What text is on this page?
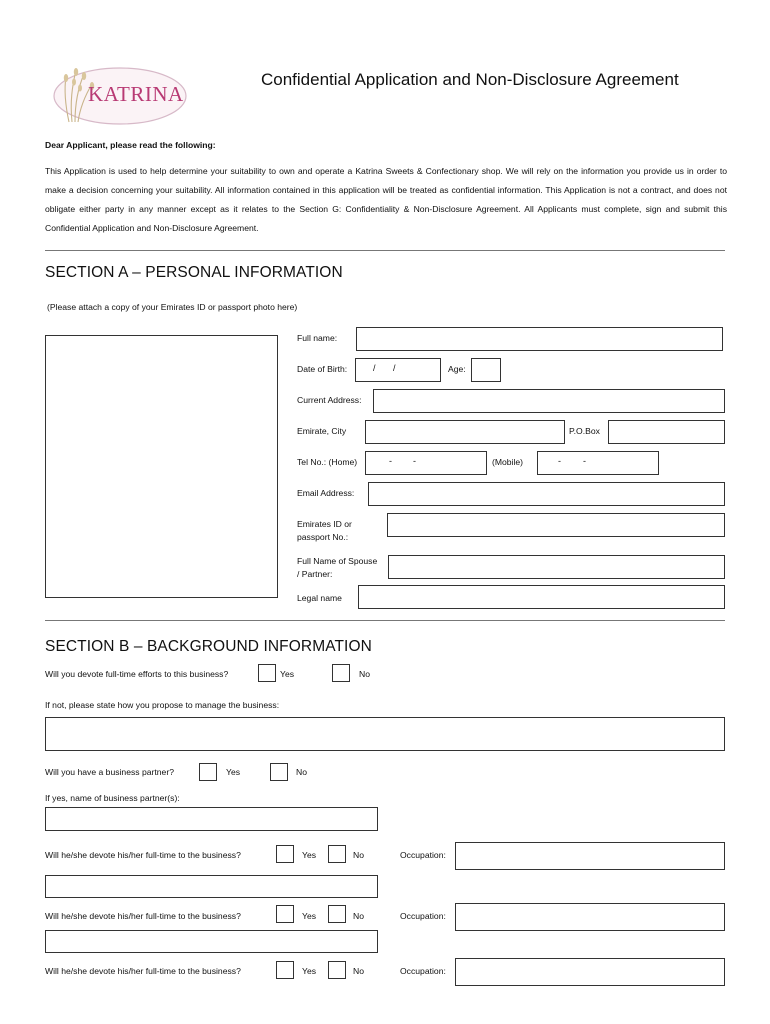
KATRINA
Confidential Application and Non-Disclosure Agreement
Dear Applicant, please read the following:
This Application is used to help determine your suitability to own and operate a Katrina Sweets & Confectionary shop. We will rely on the information you provide us in order to make a decision concerning your suitability. All information contained in this application will be treated as confidential information. This Application is not a contract, and does not obligate either party in any manner except as it relates to the Section G: Confidentiality & Non-Disclosure Agreement. All Applicants must complete, sign and submit this Confidential Application and Non-Disclosure Agreement.
SECTION A – PERSONAL INFORMATION
(Please attach a copy of your Emirates ID or passport photo here)
Full name:
Date of Birth:	/ /	Age:
Current Address:
Emirate, City	P.O.Box
Tel No.: (Home)	- -	(Mobile)	- -
Email Address:
Emirates ID or
passport No.:
Full Name of Spouse
/ Partner:
Legal name
SECTION B – BACKGROUND INFORMATION
Will you devote full-time efforts to this business?	Yes	No
If not, please state how you propose to manage the business:
Will you have a business partner?	Yes	No
If yes, name of business partner(s):
Will he/she devote his/her full-time to the business?	Yes	No	Occupation:
Will he/she devote his/her full-time to the business?	Yes	No	Occupation:
Will he/she devote his/her full-time to the business?	Yes	No	Occupation:
